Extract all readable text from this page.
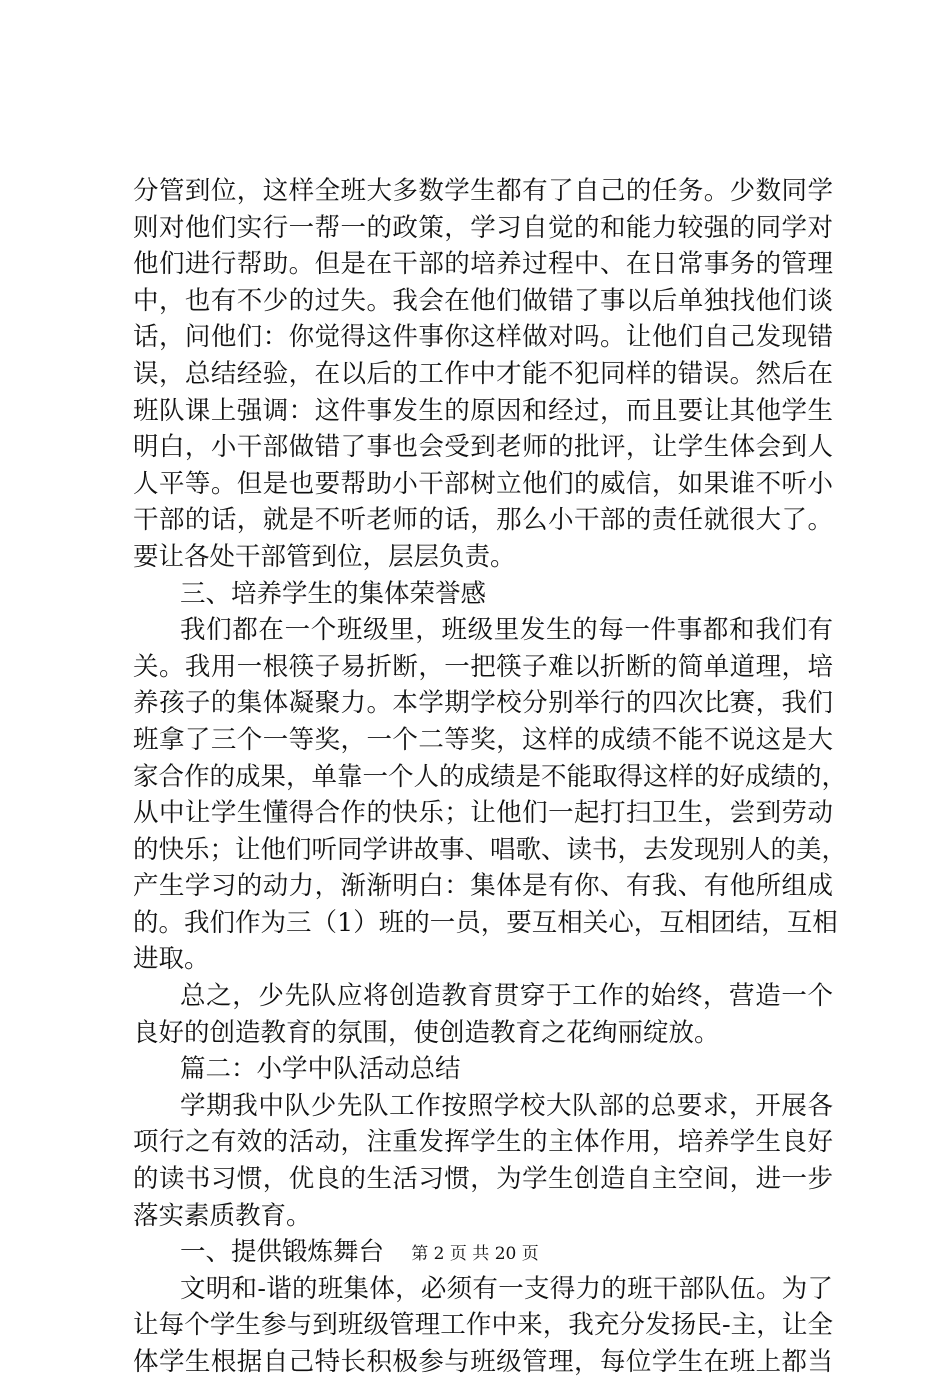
分管到位，这样全班大多数学生都有了自己的任务。少数同学
则对他们实行一帮一的政策，学习自觉的和能力较强的同学对
他们进行帮助。但是在干部的培养过程中、在日常事务的管理
中，也有不少的过失。我会在他们做错了事以后单独找他们谈
话，问他们：你觉得这件事你这样做对吗。让他们自己发现错
误，总结经验，在以后的工作中才能不犯同样的错误。然后在
班队课上强调：这件事发生的原因和经过，而且要让其他学生
明白，小干部做错了事也会受到老师的批评，让学生体会到人
人平等。但是也要帮助小干部树立他们的威信，如果谁不听小
干部的话，就是不听老师的话，那么小干部的责任就很大了。
要让各处干部管到位，层层负责。
三、培养学生的集体荣誉感
我们都在一个班级里，班级里发生的每一件事都和我们有
关。我用一根筷子易折断，一把筷子难以折断的简单道理，培
养孩子的集体凝聚力。本学期学校分别举行的四次比赛，我们
班拿了三个一等奖，一个二等奖，这样的成绩不能不说这是大
家合作的成果，单靠一个人的成绩是不能取得这样的好成绩的，
从中让学生懂得合作的快乐；让他们一起打扫卫生，尝到劳动
的快乐；让他们听同学讲故事、唱歌、读书，去发现别人的美，
产生学习的动力，渐渐明白：集体是有你、有我、有他所组成
的。我们作为三（1）班的一员，要互相关心，互相团结，互相
进取。
总之，少先队应将创造教育贯穿于工作的始终，营造一个
良好的创造教育的氛围，使创造教育之花绚丽绽放。
篇二：小学中队活动总结
学期我中队少先队工作按照学校大队部的总要求，开展各
项行之有效的活动，注重发挥学生的主体作用，培养学生良好
的读书习惯，优良的生活习惯，为学生创造自主空间，进一步
落实素质教育。
一、提供锻炼舞台
文明和-谐的班集体，必须有一支得力的班干部队伍。为了
让每个学生参与到班级管理工作中来，我充分发扬民-主，让全
体学生根据自己特长积极参与班级管理，每位学生在班上都当
第 2 页 共 20 页
